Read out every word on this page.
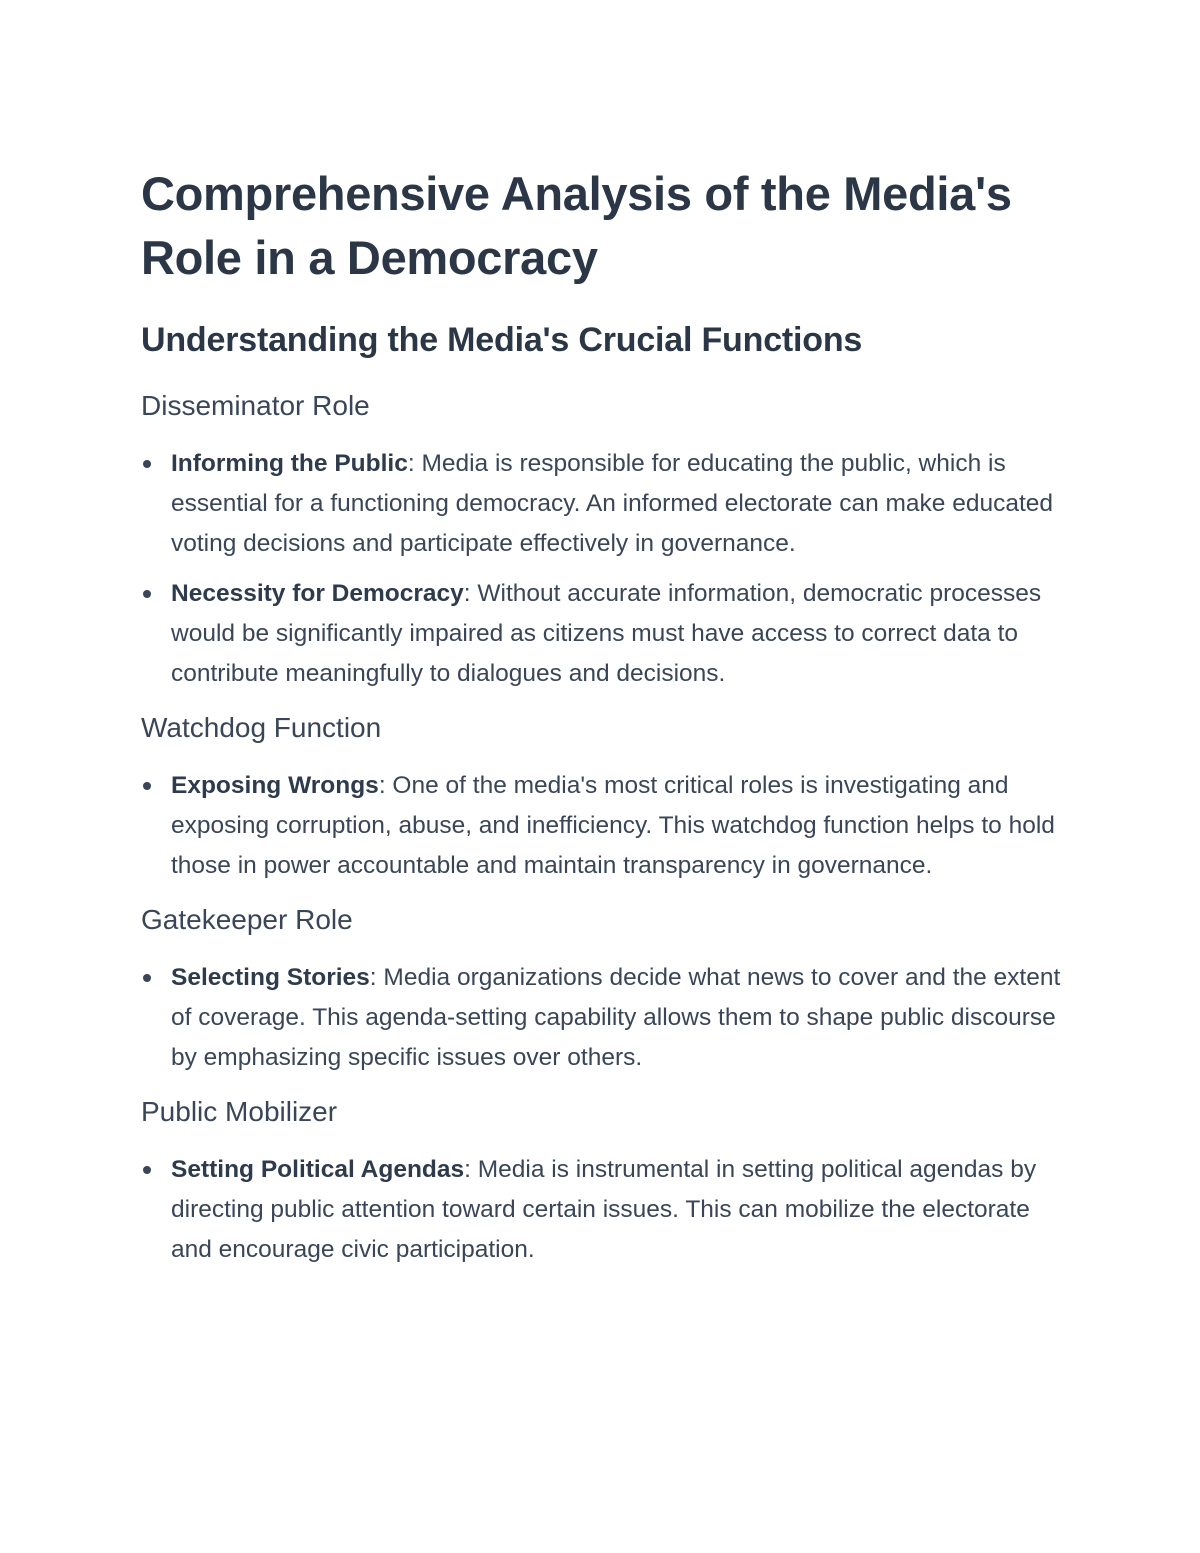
Comprehensive Analysis of the Media's Role in a Democracy
Understanding the Media's Crucial Functions
Disseminator Role
Informing the Public: Media is responsible for educating the public, which is essential for a functioning democracy. An informed electorate can make educated voting decisions and participate effectively in governance.
Necessity for Democracy: Without accurate information, democratic processes would be significantly impaired as citizens must have access to correct data to contribute meaningfully to dialogues and decisions.
Watchdog Function
Exposing Wrongs: One of the media's most critical roles is investigating and exposing corruption, abuse, and inefficiency. This watchdog function helps to hold those in power accountable and maintain transparency in governance.
Gatekeeper Role
Selecting Stories: Media organizations decide what news to cover and the extent of coverage. This agenda-setting capability allows them to shape public discourse by emphasizing specific issues over others.
Public Mobilizer
Setting Political Agendas: Media is instrumental in setting political agendas by directing public attention toward certain issues. This can mobilize the electorate and encourage civic participation.
